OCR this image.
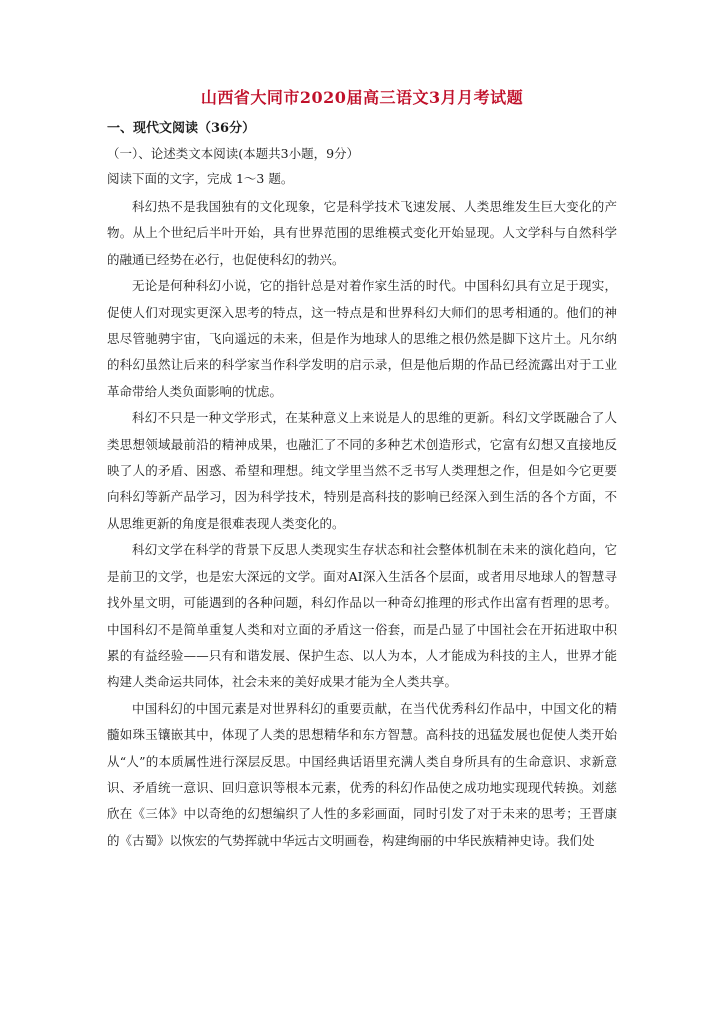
山西省大同市2020届高三语文3月月考试题
一、现代文阅读（36分）
（一）、论述类文本阅读(本题共3小题，9分）
阅读下面的文字，完成 1～3 题。

科幻热不是我国独有的文化现象，它是科学技术飞速发展、人类思维发生巨大变化的产物。从上个世纪后半叶开始，具有世界范围的思维模式变化开始显现。人文学科与自然科学的融通已经势在必行，也促使科幻的勃兴。

无论是何种科幻小说，它的指针总是对着作家生活的时代。中国科幻具有立足于现实，促使人们对现实更深入思考的特点，这一特点是和世界科幻大师们的思考相通的。他们的神思尽管驰骋宇宙，飞向遥远的未来，但是作为地球人的思维之根仍然是脚下这片土。凡尔纳的科幻虽然让后来的科学家当作科学发明的启示录，但是他后期的作品已经流露出对于工业革命带给人类负面影响的忧虑。

科幻不只是一种文学形式，在某种意义上来说是人的思维的更新。科幻文学既融合了人类思想领域最前沿的精神成果，也融汇了不同的多种艺术创造形式，它富有幻想又直接地反映了人的矛盾、困惑、希望和理想。纯文学里当然不乏书写人类理想之作，但是如今它更要向科幻等新产品学习，因为科学技术，特别是高科技的影响已经深入到生活的各个方面，不从思维更新的角度是很难表现人类变化的。

科幻文学在科学的背景下反思人类现实生存状态和社会整体机制在未来的演化趋向，它是前卫的文学，也是宏大深远的文学。面对AI深入生活各个层面，或者用尽地球人的智慧寻找外星文明，可能遇到的各种问题，科幻作品以一种奇幻推理的形式作出富有哲理的思考。中国科幻不是简单重复人类和对立面的矛盾这一俗套，而是凸显了中国社会在开拓进取中积累的有益经验——只有和谐发展、保护生态、以人为本，人才能成为科技的主人，世界才能构建人类命运共同体，社会未来的美好成果才能为全人类共享。

中国科幻的中国元素是对世界科幻的重要贡献，在当代优秀科幻作品中，中国文化的精髓如珠玉镶嵌其中，体现了人类的思想精华和东方智慧。高科技的迅猛发展也促使人类开始从“人”的本质属性进行深层反思。中国经典话语里充满人类自身所具有的生命意识、求新意识、矛盾统一意识、回归意识等根本元素，优秀的科幻作品使之成功地实现现代转换。刘慈欣在《三体》中以奇绝的幻想编织了人性的多彩画面，同时引发了对于未来的思考；王晋康的《古蜀》以恢宏的气势挥就中华远古文明画卷，构建绚丽的中华民族精神史诗。我们处
